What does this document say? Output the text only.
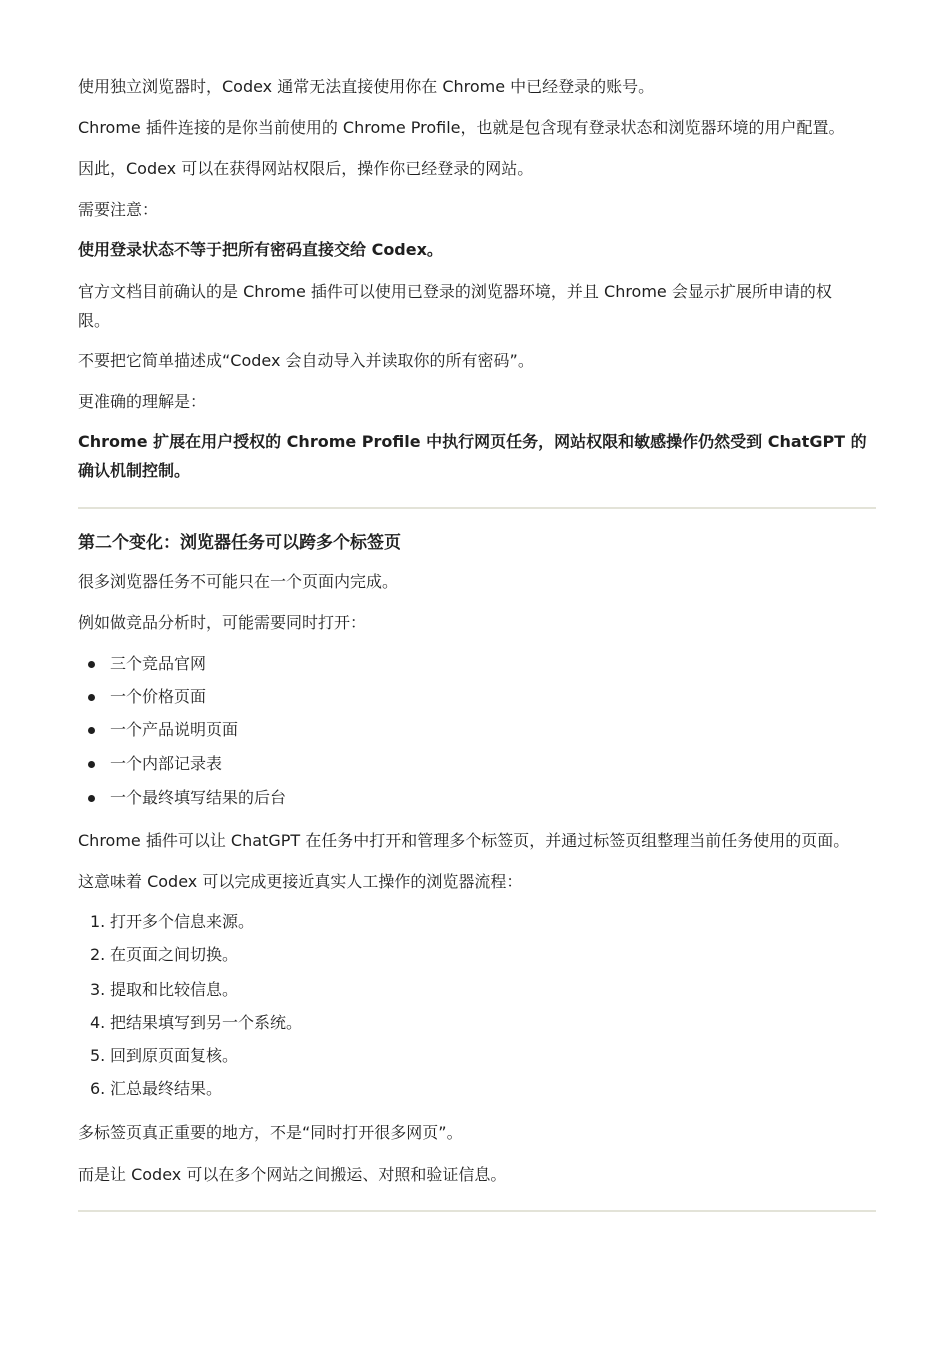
使用独立浏览器时，Codex 通常无法直接使用你在 Chrome 中已经登录的账号。
Chrome 插件连接的是你当前使用的 Chrome Profile，也就是包含现有登录状态和浏览器环境的用户配置。
因此，Codex 可以在获得网站权限后，操作你已经登录的网站。
需要注意：
使用登录状态不等于把所有密码直接交给 Codex。
官方文档目前确认的是 Chrome 插件可以使用已登录的浏览器环境，并且 Chrome 会显示扩展所申请的权限。
不要把它简单描述成“Codex 会自动导入并读取你的所有密码”。
更准确的理解是：
Chrome 扩展在用户授权的 Chrome Profile 中执行网页任务，网站权限和敏感操作仍然受到 ChatGPT 的确认机制控制。
第二个变化：浏览器任务可以跨多个标签页
很多浏览器任务不可能只在一个页面内完成。
例如做竞品分析时，可能需要同时打开：
三个竞品官网
一个价格页面
一个产品说明页面
一个内部记录表
一个最终填写结果的后台
Chrome 插件可以让 ChatGPT 在任务中打开和管理多个标签页，并通过标签页组整理当前任务使用的页面。
这意味着 Codex 可以完成更接近真实人工操作的浏览器流程：
1. 打开多个信息来源。
2. 在页面之间切换。
3. 提取和比较信息。
4. 把结果填写到另一个系统。
5. 回到原页面复核。
6. 汇总最终结果。
多标签页真正重要的地方，不是“同时打开很多网页”。
而是让 Codex 可以在多个网站之间搬运、对照和验证信息。
